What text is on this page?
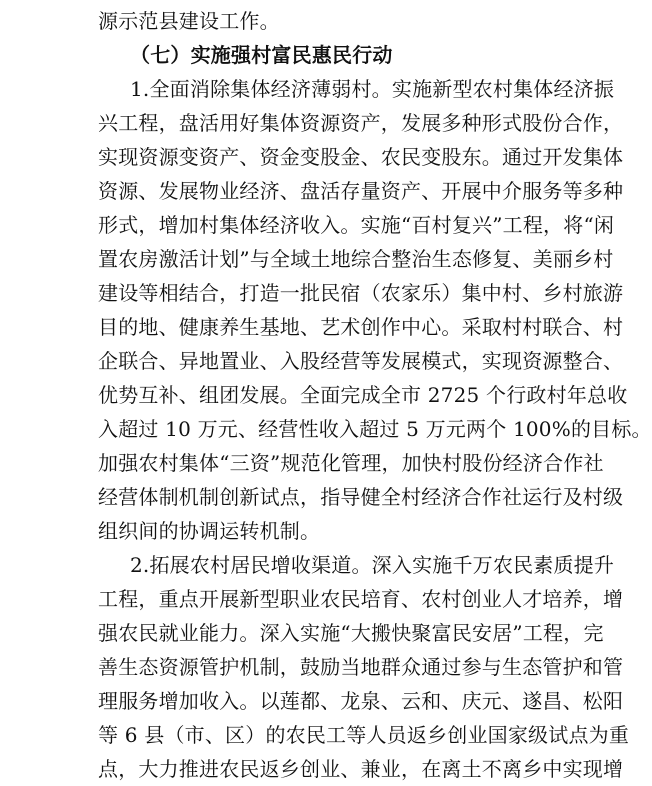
源示范县建设工作。
（七）实施强村富民惠民行动
1.全面消除集体经济薄弱村。实施新型农村集体经济振
兴工程，盘活用好集体资源资产，发展多种形式股份合作，
实现资源变资产、资金变股金、农民变股东。通过开发集体
资源、发展物业经济、盘活存量资产、开展中介服务等多种
形式，增加村集体经济收入。实施“百村复兴”工程，将“闲
置农房激活计划”与全域土地综合整治生态修复、美丽乡村
建设等相结合，打造一批民宿（农家乐）集中村、乡村旅游
目的地、健康养生基地、艺术创作中心。采取村村联合、村
企联合、异地置业、入股经营等发展模式，实现资源整合、
优势互补、组团发展。全面完成全市 2725 个行政村年总收
入超过 10 万元、经营性收入超过 5 万元两个 100%的目标。
加强农村集体“三资”规范化管理，加快村股份经济合作社
经营体制机制创新试点，指导健全村经济合作社运行及村级
组织间的协调运转机制。
2.拓展农村居民增收渠道。深入实施千万农民素质提升
工程，重点开展新型职业农民培育、农村创业人才培养，增
强农民就业能力。深入实施“大搬快聚富民安居”工程，完
善生态资源管护机制，鼓励当地群众通过参与生态管护和管
理服务增加收入。以莲都、龙泉、云和、庆元、遂昌、松阳
等 6 县（市、区）的农民工等人员返乡创业国家级试点为重
点，大力推进农民返乡创业、兼业，在离土不离乡中实现增
